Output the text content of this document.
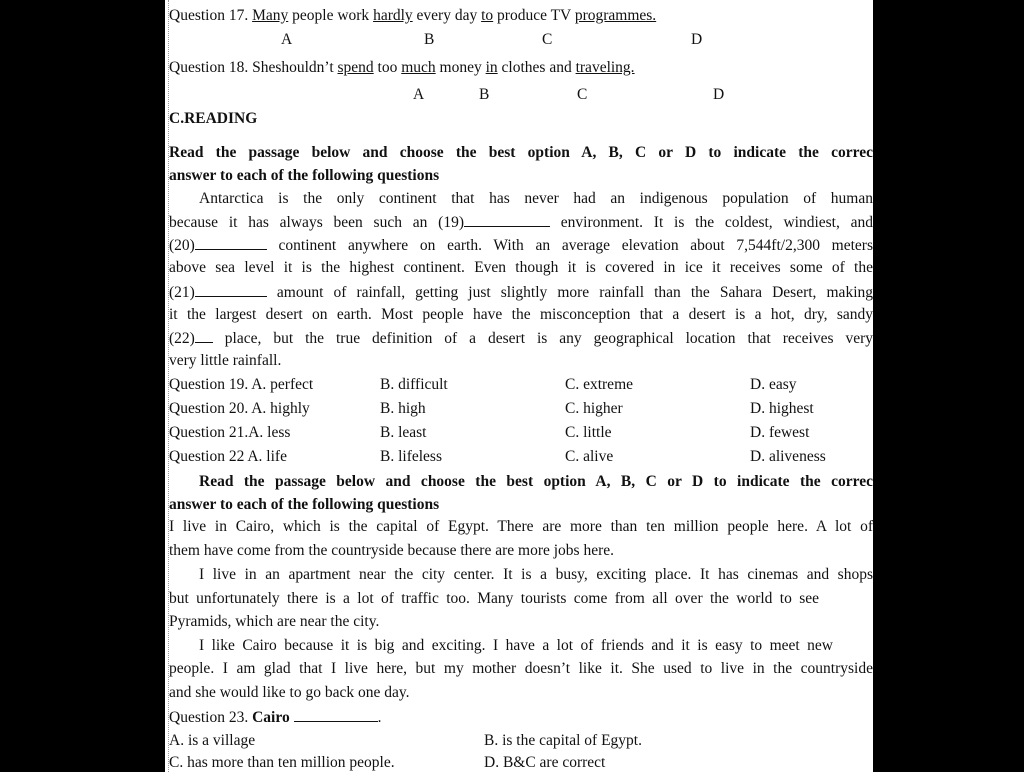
Question 17. Many people work hardly every day to produce TV programmes.
A	B	C	D
Question 18. Sheshouldn’t spend too much money in clothes and traveling.
A	B	C	D
C.READING
Read the passage below and choose the best option A, B, C or D to indicate the correc
answer to each of the following questions
Antarctica is the only continent that has never had an indigenous population of human
because it has always been such an (19)	environment. It is the coldest, windiest, and
(20)	continent anywhere on earth. With an average elevation about 7,544ft/2,300 meters
above sea level it is the highest continent. Even though it is covered in ice it receives some of the
(21)	amount of rainfall, getting just slightly more rainfall than the Sahara Desert, making
it the largest desert on earth. Most people have the misconception that a desert is a hot, dry, sandy
(22) place, but the true definition of a desert is any geographical location that receives very
very little rainfall.
Question 19. A. perfect	B. difficult	C. extreme	D. easy
Question 20. A. highly	B. high	C. higher	D. highest
Question 21.A. less	B. least	C. little	D. fewest
Question 22 A. life	B. lifeless	C. alive	D. aliveness
Read the passage below and choose the best option A, B, C or D to indicate the correc
answer to each of the following questions
I live in Cairo, which is the capital of Egypt. There are more than ten million people here. A lot of
them have come from the countryside because there are more jobs here.
I live in an apartment near the city center. It is a busy, exciting place. It has cinemas and shops
but unfortunately there is a lot of traffic too. Many tourists come from all over the world to see
Pyramids, which are near the city.
I like Cairo because it is big and exciting. I have a lot of friends and it is easy to meet new
people. I am glad that I live here, but my mother doesn’t like it. She used to live in the countryside
and she would like to go back one day.
Question 23. Cairo	.
A. is a village	B. is the capital of Egypt.
C. has more than ten million people.	D. B&C are correct
